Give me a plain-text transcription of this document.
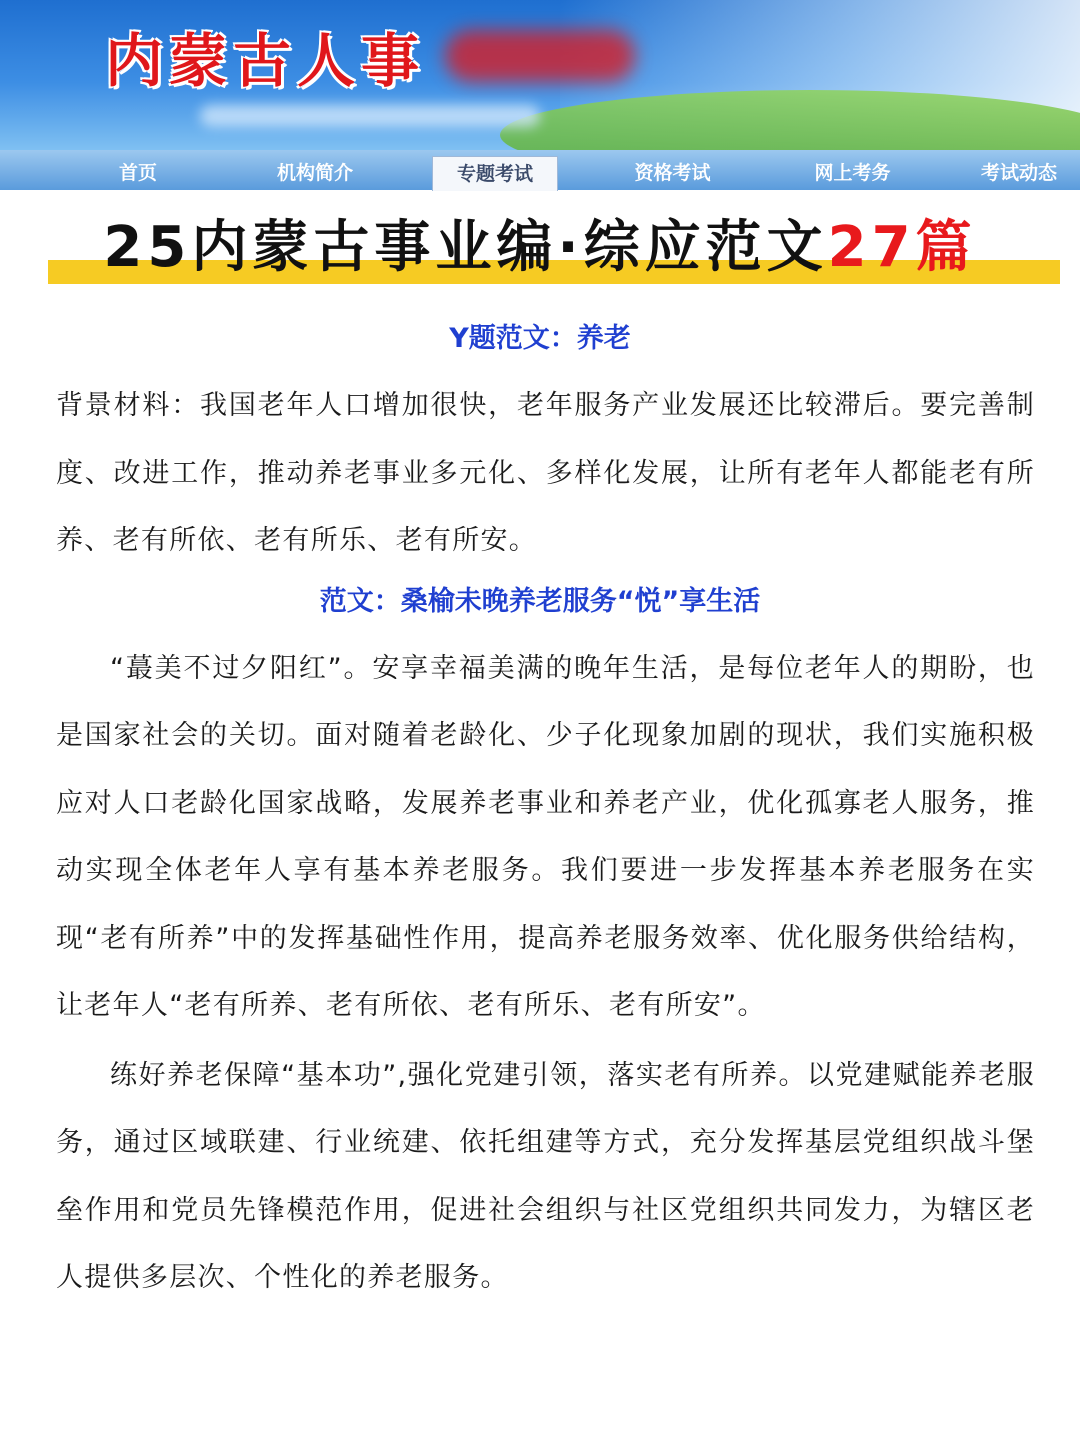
内蒙古人事
首页	机构简介	专题考试	资格考试	网上考务	考试动态
25内蒙古事业编·综应范文27篇
Y题范文：养老

背景材料：我国老年人口增加很快，老年服务产业发展还比较滞后。要完善制度、改进工作，推动养老事业多元化、多样化发展，让所有老年人都能老有所养、老有所依、老有所乐、老有所安。

范文：桑榆未晚养老服务“悦”享生活

“蕞美不过夕阳红”。安享幸福美满的晚年生活，是每位老年人的期盼，也是国家社会的关切。面对随着老龄化、少子化现象加剧的现状，我们实施积极应对人口老龄化国家战略，发展养老事业和养老产业，优化孤寡老人服务，推动实现全体老年人享有基本养老服务。我们要进一步发挥基本养老服务在实现“老有所养”中的发挥基础性作用，提高养老服务效率、优化服务供给结构，让老年人“老有所养、老有所依、老有所乐、老有所安”。

练好养老保障“基本功”,强化党建引领，落实老有所养。以党建赋能养老服务，通过区域联建、行业统建、依托组建等方式，充分发挥基层党组织战斗堡垒作用和党员先锋模范作用，促进社会组织与社区党组织共同发力，为辖区老人提供多层次、个性化的养老服务。
